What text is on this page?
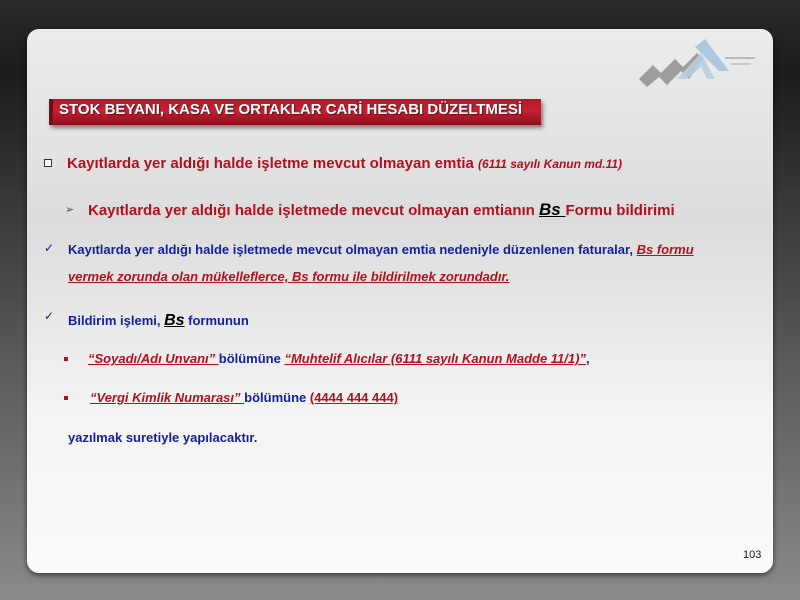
STOK BEYANI, KASA VE ORTAKLAR CARİ HESABI DÜZELTMESİ
Kayıtlarda yer aldığı halde işletme mevcut olmayan emtia (6111 sayılı Kanun md.11)
➢ Kayıtlarda yer aldığı halde işletmede mevcut olmayan emtianın Bs Formu bildirimi
✓ Kayıtlarda yer aldığı halde işletmede mevcut olmayan emtia nedeniyle düzenlenen faturalar, Bs formu
vermek zorunda olan mükelleflerce, Bs formu ile bildirilmek zorundadır.
✓ Bildirim işlemi, Bs formunun
“Soyadı/Adı Unvanı” bölümüne “Muhtelif Alıcılar (6111 sayılı Kanun Madde 11/1)”,
“Vergi Kimlik Numarası” bölümüne (4444 444 444)
yazılmak suretiyle yapılacaktır.
103
